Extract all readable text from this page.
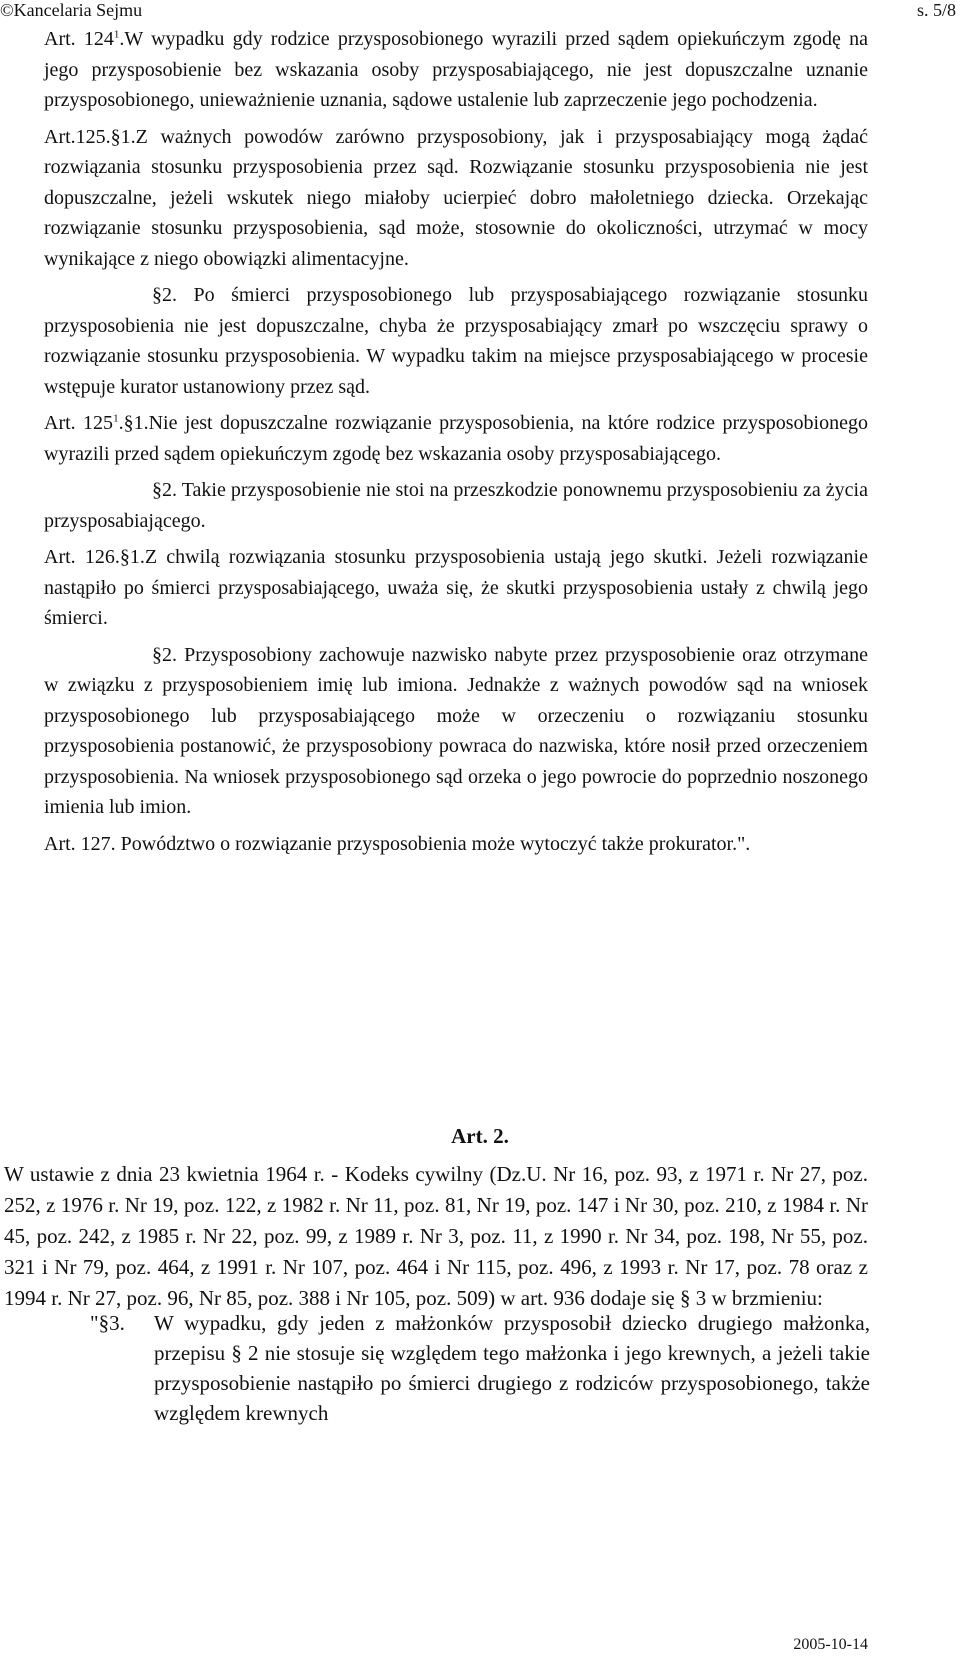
©Kancelaria Sejmu	s. 5/8

Art. $124^1.W$ wypadku gdy rodzice przysposobionego wyrazili przed sądem opiekuńczym zgodę na jego przysposobienie bez wskazania osoby przysposabiającego, nie jest dopuszczalne uznanie przysposobionego, unieważnienie uznania, sądowe ustalenie lub zaprzeczenie jego pochodzenia.

Art.125.§1.Z ważnych powodów zarówno przysposobiony, jak i przysposabiający mogą żądać rozwiązania stosunku przysposobienia przez sąd. Rozwiązanie stosunku przysposobienia nie jest dopuszczalne, jeżeli wskutek niego miałoby ucierpieć dobro małoletniego dziecka. Orzekając rozwiązanie stosunku przysposobienia, sąd może, stosownie do okoliczności, utrzymać w mocy wynikające z niego obowiązki alimentacyjne.

§2. Po śmierci przysposobionego lub przysposabiającego rozwiązanie stosunku przysposobienia nie jest dopuszczalne, chyba że przysposabiający zmarł po wszczęciu sprawy o rozwiązanie stosunku przysposobienia. W wypadku takim na miejsce przysposabiającego w procesie wstępuje kurator ustanowiony przez sąd.

Art. $125^1.\S 1.Nie$ jest dopuszczalne rozwiązanie przysposobienia, na które rodzice przysposobionego wyrazili przed sądem opiekuńczym zgodę bez wskazania osoby przysposabiającego.

§2. Takie przysposobienie nie stoi na przeszkodzie ponownemu przysposobieniu za życia przysposabiającego.

Art. 126.§1.Z chwilą rozwiązania stosunku przysposobienia ustają jego skutki. Jeżeli rozwiązanie nastąpiło po śmierci przysposabiającego, uważa się, że skutki przysposobienia ustały z chwilą jego śmierci.

§2. Przysposobiony zachowuje nazwisko nabyte przez przysposobienie oraz otrzymane w związku z przysposobieniem imię lub imiona. Jednakże z ważnych powodów sąd na wniosek przysposobionego lub przysposabiającego może w orzeczeniu o rozwiązaniu stosunku przysposobienia postanowić, że przysposobiony powraca do nazwiska, które nosił przed orzeczeniem przysposobienia. Na wniosek przysposobionego sąd orzeka o jego powrocie do poprzednio noszonego imienia lub imion.

Art. 127. Powództwo o rozwiązanie przysposobienia może wytoczyć także prokurator.".

Art. 2.

W ustawie z dnia 23 kwietnia 1964 r. - Kodeks cywilny (Dz.U. Nr 16, poz. 93, z 1971 r. Nr 27, poz. 252, z 1976 r. Nr 19, poz. 122, z 1982 r. Nr 11, poz. 81, Nr 19, poz. 147 i Nr 30, poz. 210, z 1984 r. Nr 45, poz. 242, z 1985 r. Nr 22, poz. 99, z 1989 r. Nr 3, poz. 11, z 1990 r. Nr 34, poz. 198, Nr 55, poz. 321 i Nr 79, poz. 464, z 1991 r. Nr 107, poz. 464 i Nr 115, poz. 496, z 1993 r. Nr 17, poz. 78 oraz z 1994 r. Nr 27, poz. 96, Nr 85, poz. 388 i Nr 105, poz. 509) w art. 936 dodaje się § 3 w brzmieniu:

"§3. W wypadku, gdy jeden z małżonków przysposobił dziecko drugiego małżonka, przepisu § 2 nie stosuje się względem tego małżonka i jego krewnych, a jeżeli takie przysposobienie nastąpiło po śmierci drugiego z rodziców przysposobionego, także względem krewnych
2005-10-14
